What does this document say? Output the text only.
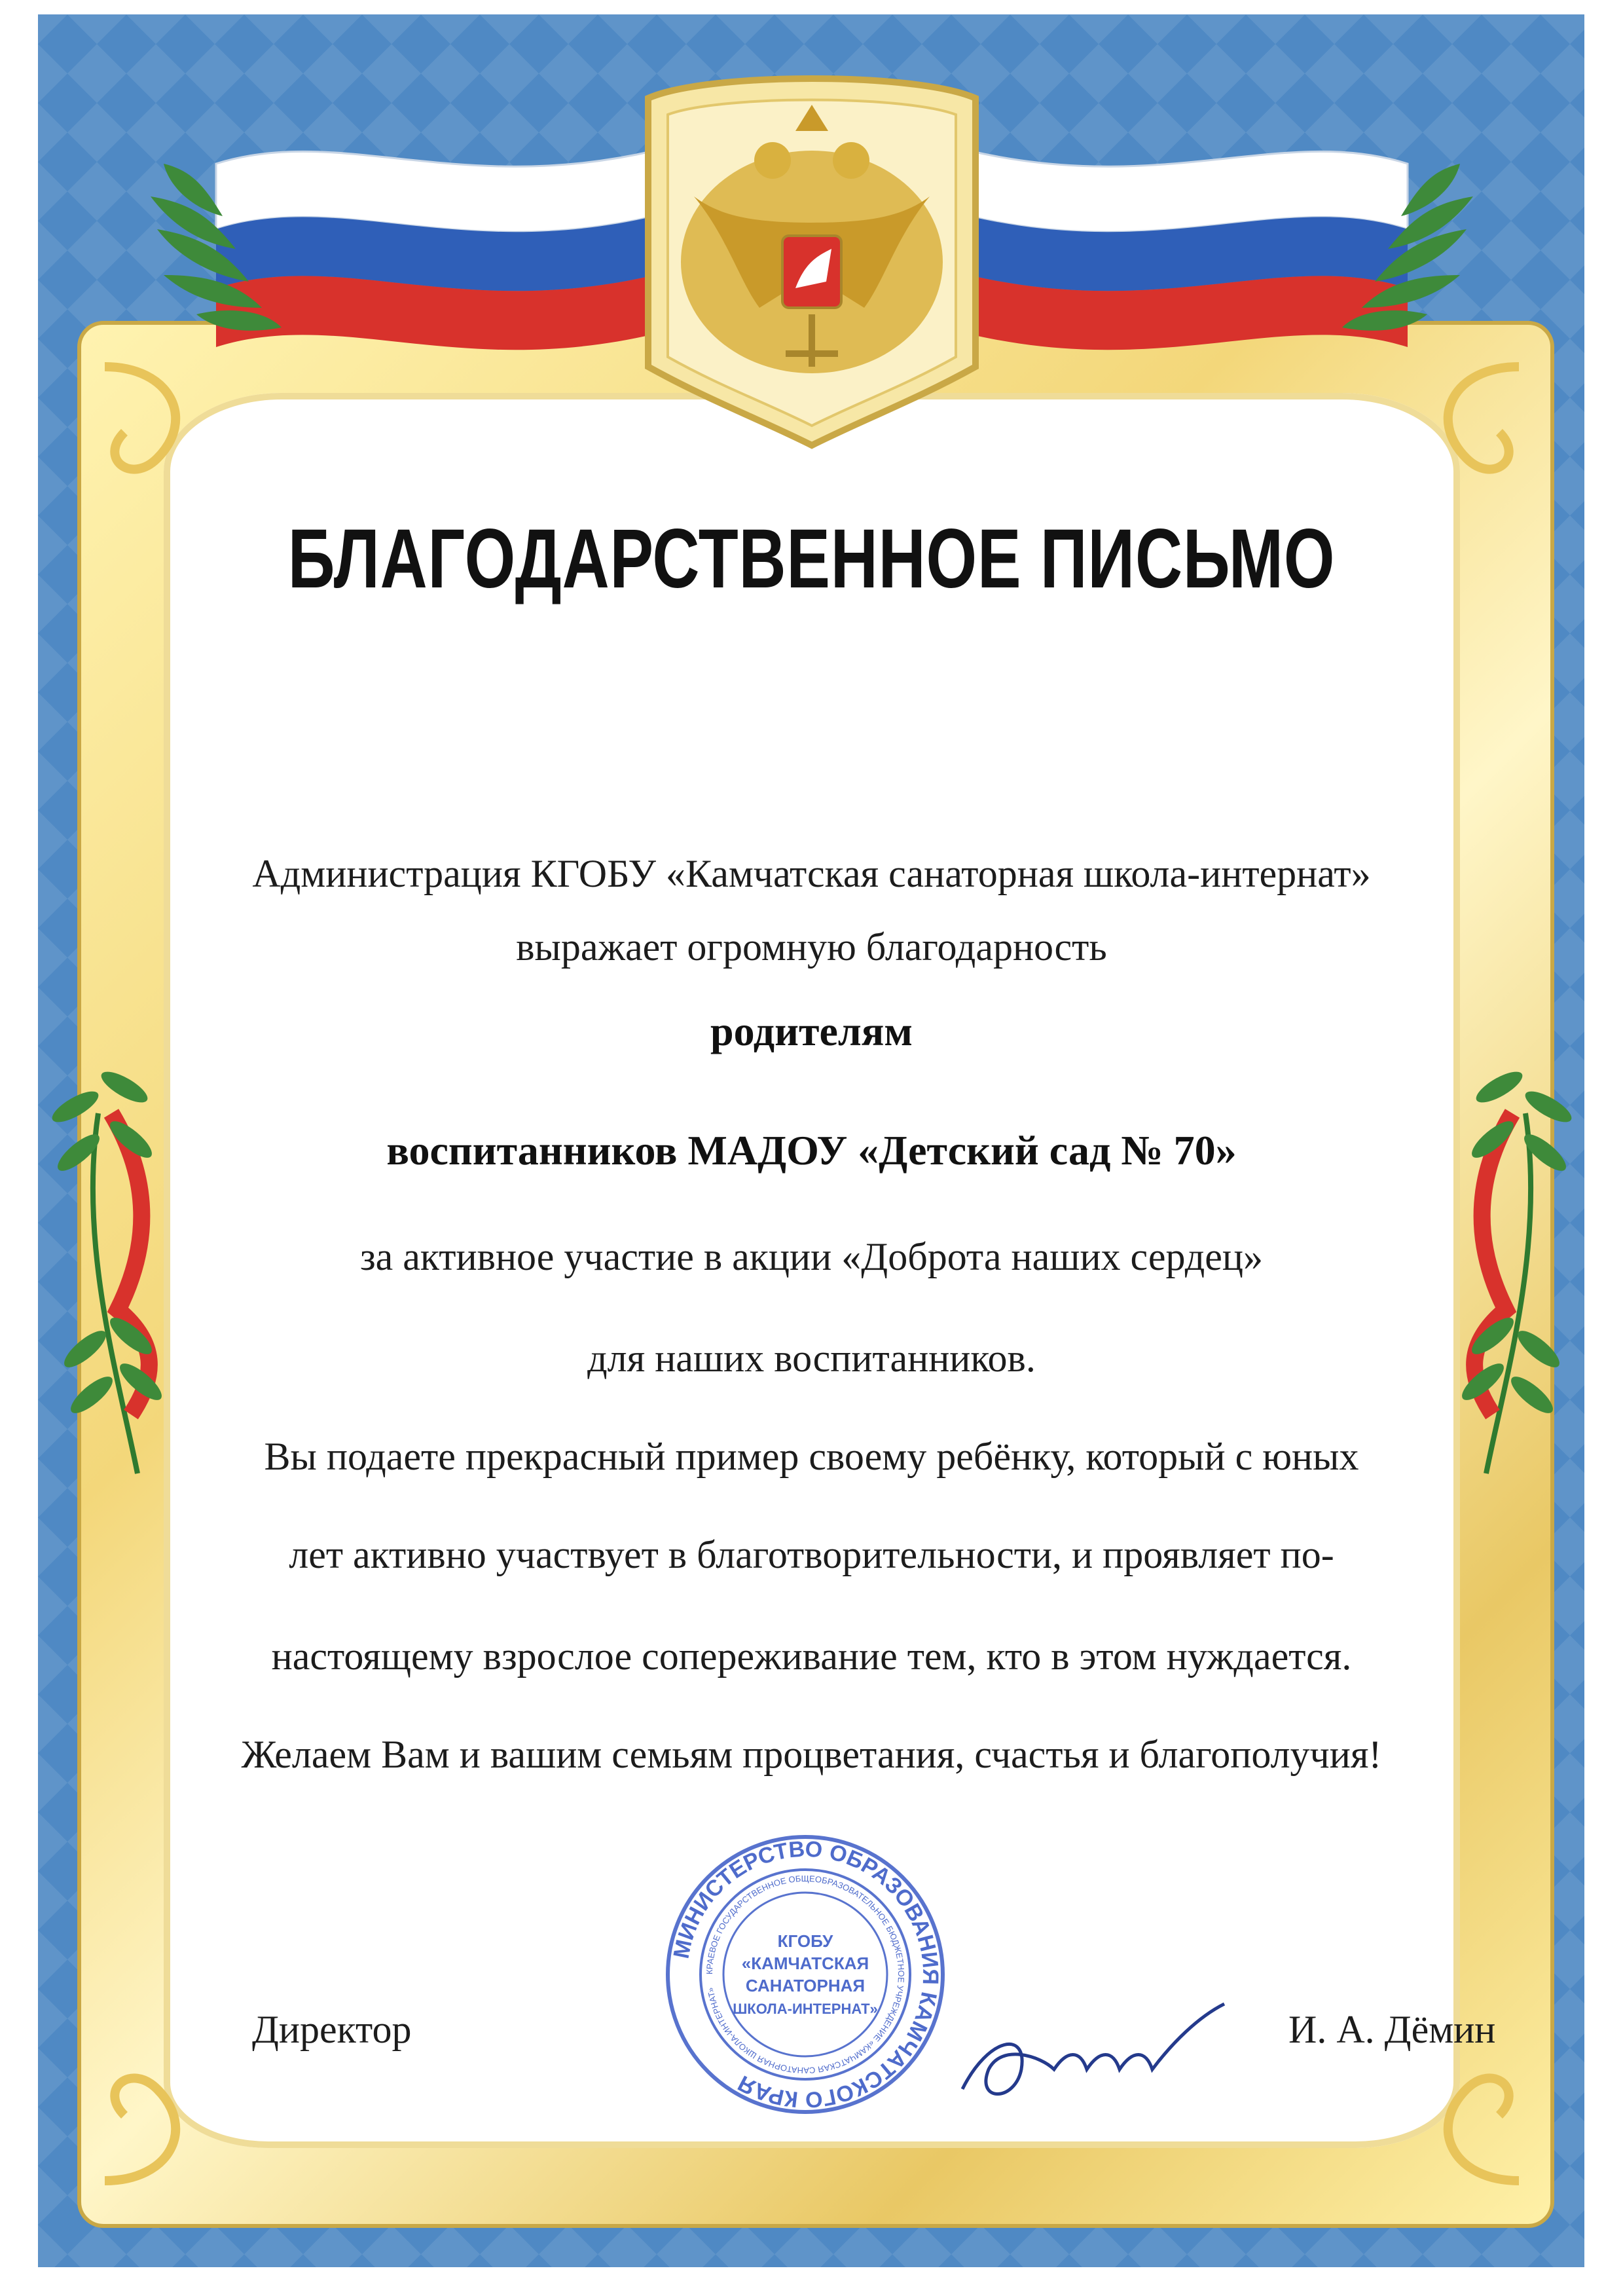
БЛАГОДАРСТВЕННОЕ ПИСЬМО
Администрация КГОБУ «Камчатская санаторная школа-интернат»
выражает огромную благодарность
родителям
воспитанников МАДОУ «Детский сад № 70»
за активное участие в акции «Доброта наших сердец»
для наших воспитанников.
Вы подаете прекрасный пример своему ребёнку, который с юных
лет активно участвует в благотворительности, и проявляет по-
настоящему взрослое сопереживание тем, кто в этом нуждается.
Желаем Вам и вашим семьям процветания, счастья и благополучия!
Директор	И. А. Дёмин
МИНИСТЕРСТВО ОБРАЗОВАНИЯ КАМЧАТСКОГО КРАЯ
КРАЕВОЕ ГОСУДАРСТВЕННОЕ ОБЩЕОБРАЗОВАТЕЛЬНОЕ БЮДЖЕТНОЕ УЧРЕЖДЕНИЕ «КАМЧАТСКАЯ САНАТОРНАЯ ШКОЛА-ИНТЕРНАТ»
КГОБУ
«КАМЧАТСКАЯ
САНАТОРНАЯ
ШКОЛА-ИНТЕРНАТ»
